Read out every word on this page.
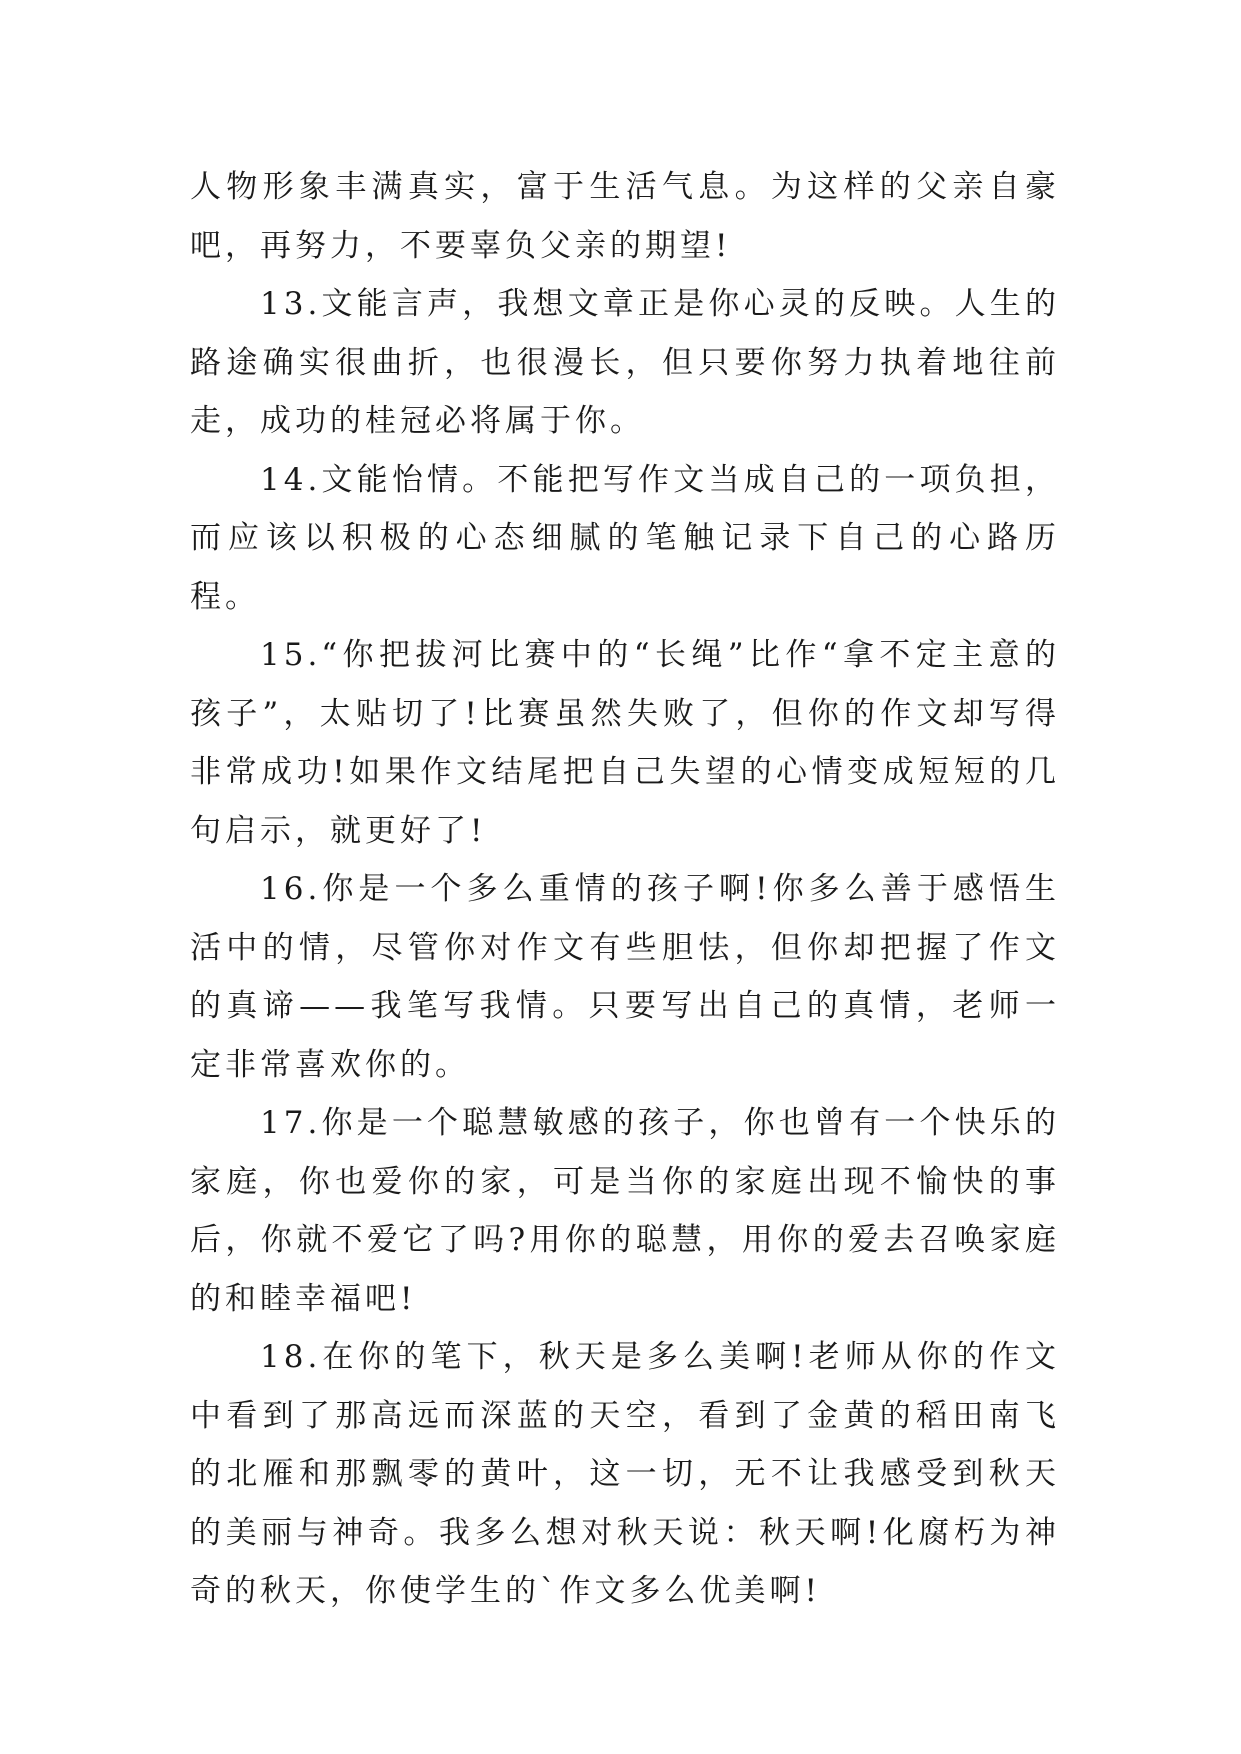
人物形象丰满真实，富于生活气息。为这样的父亲自豪吧，再努力，不要辜负父亲的期望!

13.文能言声，我想文章正是你心灵的反映。人生的路途确实很曲折，也很漫长，但只要你努力执着地往前走，成功的桂冠必将属于你。

14.文能怡情。不能把写作文当成自己的一项负担，而应该以积极的心态细腻的笔触记录下自己的心路历程。

15.“你把拔河比赛中的“长绳”比作“拿不定主意的孩子”，太贴切了!比赛虽然失败了，但你的作文却写得非常成功!如果作文结尾把自己失望的心情变成短短的几句启示，就更好了!

16.你是一个多么重情的孩子啊!你多么善于感悟生活中的情，尽管你对作文有些胆怯，但你却把握了作文的真谛——我笔写我情。只要写出自己的真情，老师一定非常喜欢你的。

17.你是一个聪慧敏感的孩子，你也曾有一个快乐的家庭，你也爱你的家，可是当你的家庭出现不愉快的事后，你就不爱它了吗?用你的聪慧，用你的爱去召唤家庭的和睦幸福吧!

18.在你的笔下，秋天是多么美啊!老师从你的作文中看到了那高远而深蓝的天空，看到了金黄的稻田南飞的北雁和那飘零的黄叶，这一切，无不让我感受到秋天的美丽与神奇。我多么想对秋天说：秋天啊!化腐朽为神奇的秋天，你使学生的`作文多么优美啊!
